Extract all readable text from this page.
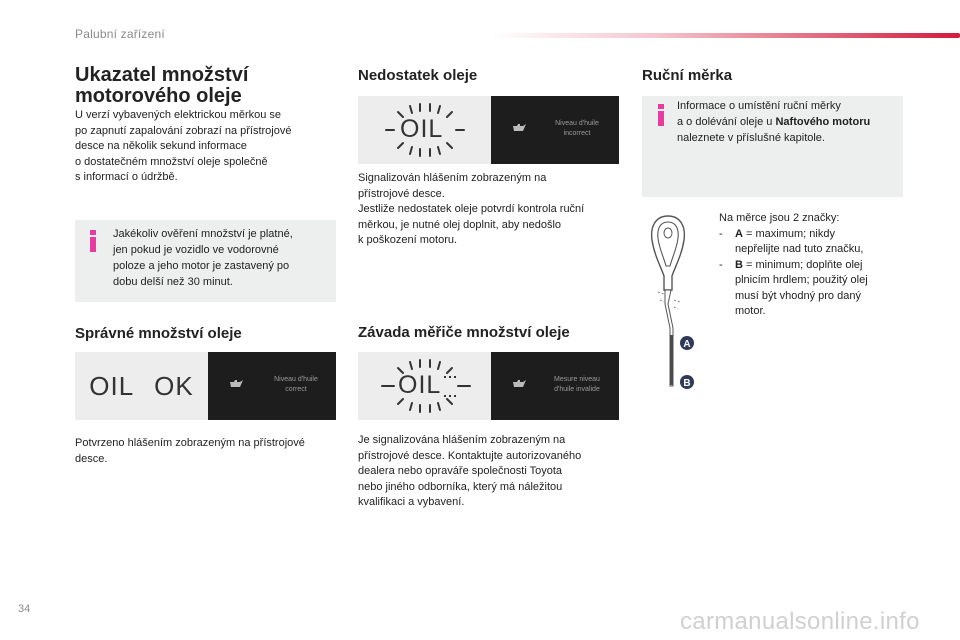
Palubní zařízení
Ukazatel množství
motorového oleje
U verzí vybavených elektrickou měrkou se
po zapnutí zapalování zobrazí na přístrojové
desce na několik sekund informace
o dostatečném množství oleje společně
s informací o údržbě.
Jakékoliv ověření množství je platné,
jen pokud je vozidlo ve vodorovné
poloze a jeho motor je zastavený po
dobu delší než 30 minut.
Správné množství oleje
OIL OK	Niveau d'huile
correct
Potvrzeno hlášením zobrazeným na přístrojové
desce.
Nedostatek oleje
OIL	Niveau d'huile
incorrect
Signalizován hlášením zobrazeným na
přístrojové desce.
Jestliže nedostatek oleje potvrdí kontrola ruční
měrkou, je nutné olej doplnit, aby nedošlo
k poškození motoru.
Závada měřiče množství oleje
OIL	Mesure niveau
d'huile invalide
Je signalizována hlášením zobrazeným na
přístrojové desce. Kontaktujte autorizovaného
dealera nebo opraváře společnosti Toyota
nebo jiného odborníka, který má náležitou
kvalifikaci a vybavení.
Ruční měrka
Informace o umístění ruční měrky
a o dolévání oleje u Naftového motoru
naleznete v příslušné kapitole.
A
B
Na měrce jsou 2 značky:
-	A = maximum; nikdy
nepřelijte nad tuto značku,
-	B = minimum; doplňte olej
plnicím hrdlem; použitý olej
musí být vhodný pro daný
motor.
34	carmanualsonline.info
